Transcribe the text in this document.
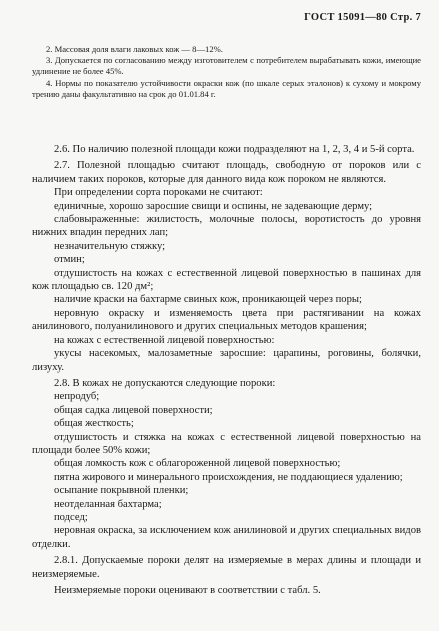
ГОСТ 15091—80 Стр. 7

2. Массовая доля влаги лаковых кож — 8—12%.

3. Допускается по согласованию между изготовителем с потребителем вырабатывать кожи, имеющие удлинение не более 45%.

4. Нормы по показателю устойчивости окраски кож (по шкале серых эталонов) к сухому и мокрому трению даны факультативно на срок до 01.01.84 г.

2.6. По наличию полезной площади кожи подразделяют на 1, 2, 3, 4 и 5-й сорта.

2.7. Полезной площадью считают площадь, свободную от пороков или с наличием таких пороков, которые для данного вида кож пороком не являются.

При определении сорта пороками не считают:

единичные, хорошо заросшие свищи и оспины, не задевающие дерму;

слабовыраженные: жилистость, молочные полосы, воротистость до уровня нижних впадин передних лап;

незначительную стяжку;

отмин;

отдушистость на кожах с естественной лицевой поверхностью в пашинах для кож площадью св. 120 дм²;

наличие краски на бахтарме свиных кож, проникающей через поры;

неровную окраску и изменяемость цвета при растягивании на кожах анилинового, полуанилинового и других специальных методов крашения;

на кожах с естественной лицевой поверхностью:

укусы насекомых, малозаметные заросшие: царапины, роговины, болячки, лизуху.

2.8. В кожах не допускаются следующие пороки:

непродуб;

общая садка лицевой поверхности;

общая жесткость;

отдушистость и стяжка на кожах с естественной лицевой поверхностью на площади более 50% кожи;

общая ломкость кож с облагороженной лицевой поверхностью;

пятна жирового и минерального происхождения, не поддающиеся удалению;

осыпание покрывной пленки;

неотделанная бахтарма;

подсед;

неровная окраска, за исключением кож анилиновой и других специальных видов отделки.

2.8.1. Допускаемые пороки делят на измеряемые в мерах длины и площади и неизмеряемые.

Неизмеряемые пороки оценивают в соответствии с табл. 5.
